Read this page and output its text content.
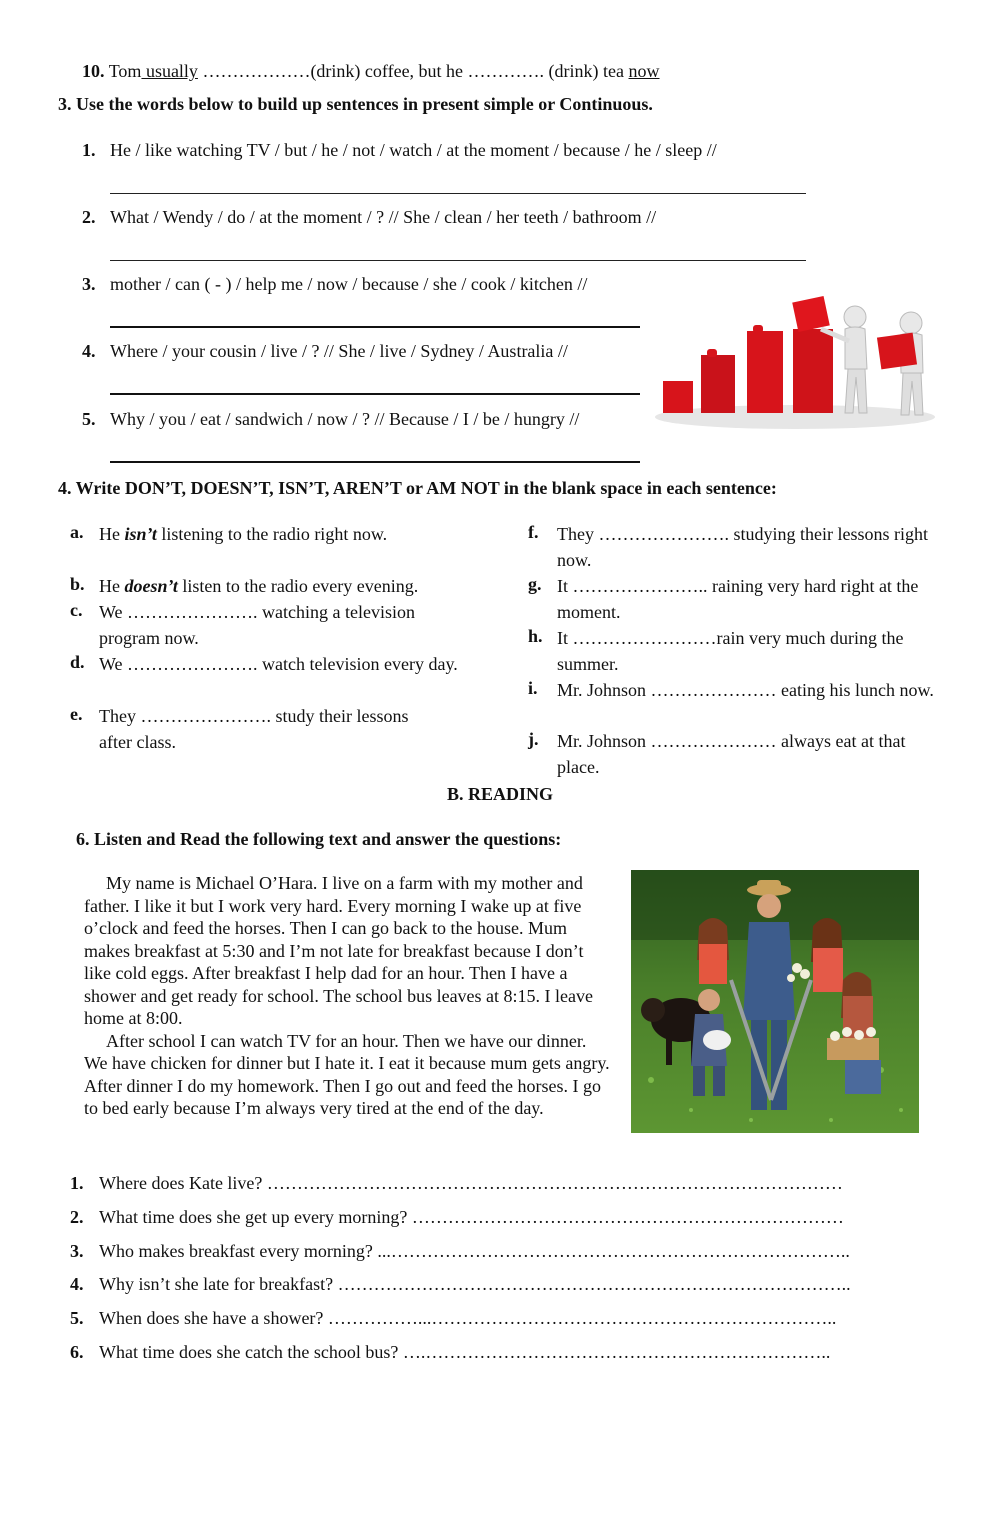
10. Tom usually ………………(drink) coffee, but he …………. (drink) tea now
3. Use the words below to build up sentences in present simple or Continuous.
1. He / like watching TV / but / he / not / watch / at the moment / because / he / sleep //
2. What / Wendy / do / at the moment / ? // She / clean / her teeth / bathroom //
3. mother / can ( - ) / help me / now / because / she / cook / kitchen //
4. Where / your cousin / live / ? // She / live / Sydney / Australia //
5. Why / you / eat / sandwich / now / ? // Because / I / be / hungry //
4. Write DON’T, DOESN’T, ISN’T, AREN’T or AM NOT in the blank space in each sentence:
a. He isn’t listening to the radio right now.
b. He doesn’t listen to the radio every evening.
c. We …………………. watching a television program now.
d. We …………………. watch television every day.
e. They …………………. study their lessons after class.
f. They …………………. studying their lessons right now.
g. It ………………….. raining very hard right at the moment.
h. It ……………………rain very much during the summer.
i. Mr. Johnson ………………… eating his lunch now.
j. Mr. Johnson ………………… always eat at that place.
B. READING
6. Listen and Read the following text and answer the questions:

My name is Michael O’Hara. I live on a farm with my mother and father. I like it but I work very hard. Every morning I wake up at five o’clock and feed the horses. Then I can go back to the house. Mum makes breakfast at 5:30 and I’m not late for breakfast because I don’t like cold eggs. After breakfast I help dad for an hour. Then I have a shower and get ready for school. The school bus leaves at 8:15. I leave home at 8:00.

After school I can watch TV for an hour. Then we have our dinner. We have chicken for dinner but I hate it. I eat it because mum gets angry. After dinner I do my homework. Then I go out and feed the horses. I go to bed early because I’m always very tired at the end of the day.

1. Where does Kate live? ……………………………………………………………………………………
2. What time does she get up every morning? ………………………………………………………………
3. Who makes breakfast every morning? ...…………………………………………………………………..
4. Why isn’t she late for breakfast? …………………………………………………………………………..
5. When does she have a shower? ……………...…………………………………………………………..
6. What time does she catch the school bus? ….…………………………………………………………..
